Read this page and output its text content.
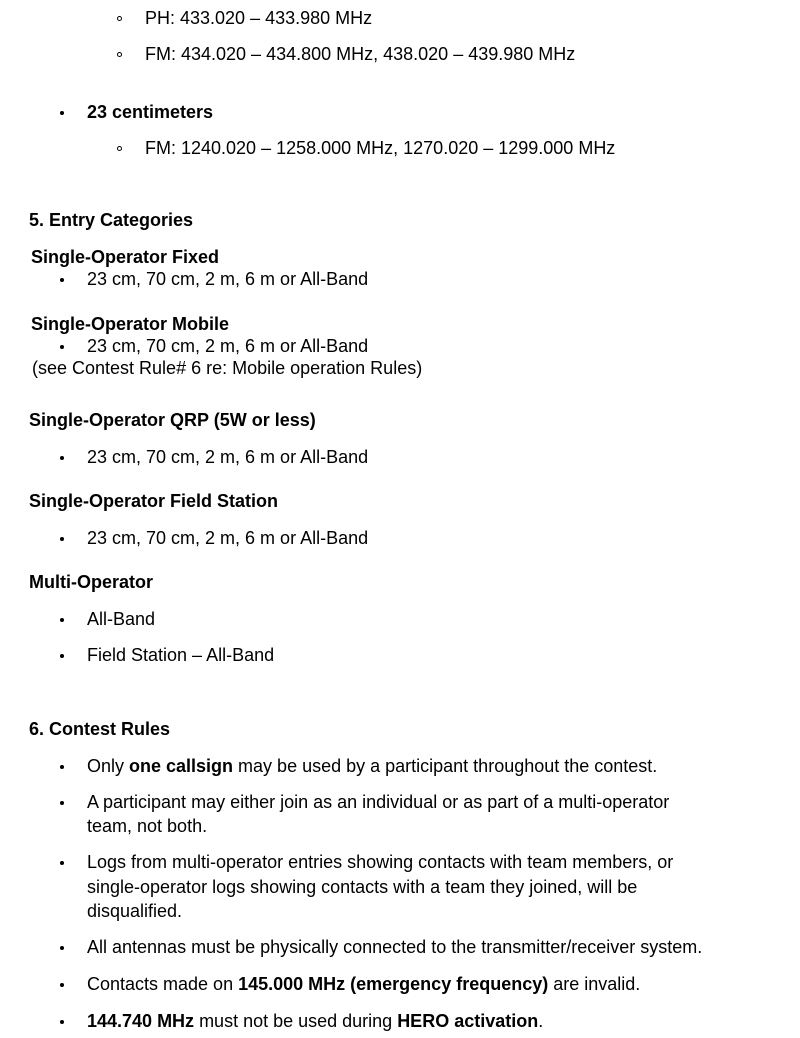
PH: 433.020 – 433.980 MHz
FM: 434.020 – 434.800 MHz, 438.020 – 439.980 MHz
23 centimeters
FM: 1240.020 – 1258.000 MHz, 1270.020 – 1299.000 MHz
5. Entry Categories
Single-Operator Fixed
23 cm, 70 cm, 2 m, 6 m or All-Band
Single-Operator Mobile
23 cm, 70 cm, 2 m, 6 m or All-Band
(see Contest Rule# 6 re: Mobile operation Rules)
Single-Operator QRP (5W or less)
23 cm, 70 cm, 2 m, 6 m or All-Band
Single-Operator Field Station
23 cm, 70 cm, 2 m, 6 m or All-Band
Multi-Operator
All-Band
Field Station – All-Band
6. Contest Rules
Only one callsign may be used by a participant throughout the contest.
A participant may either join as an individual or as part of a multi-operator
team, not both.
Logs from multi-operator entries showing contacts with team members, or
single-operator logs showing contacts with a team they joined, will be
disqualified.
All antennas must be physically connected to the transmitter/receiver system.
Contacts made on 145.000 MHz (emergency frequency) are invalid.
144.740 MHz must not be used during HERO activation.
